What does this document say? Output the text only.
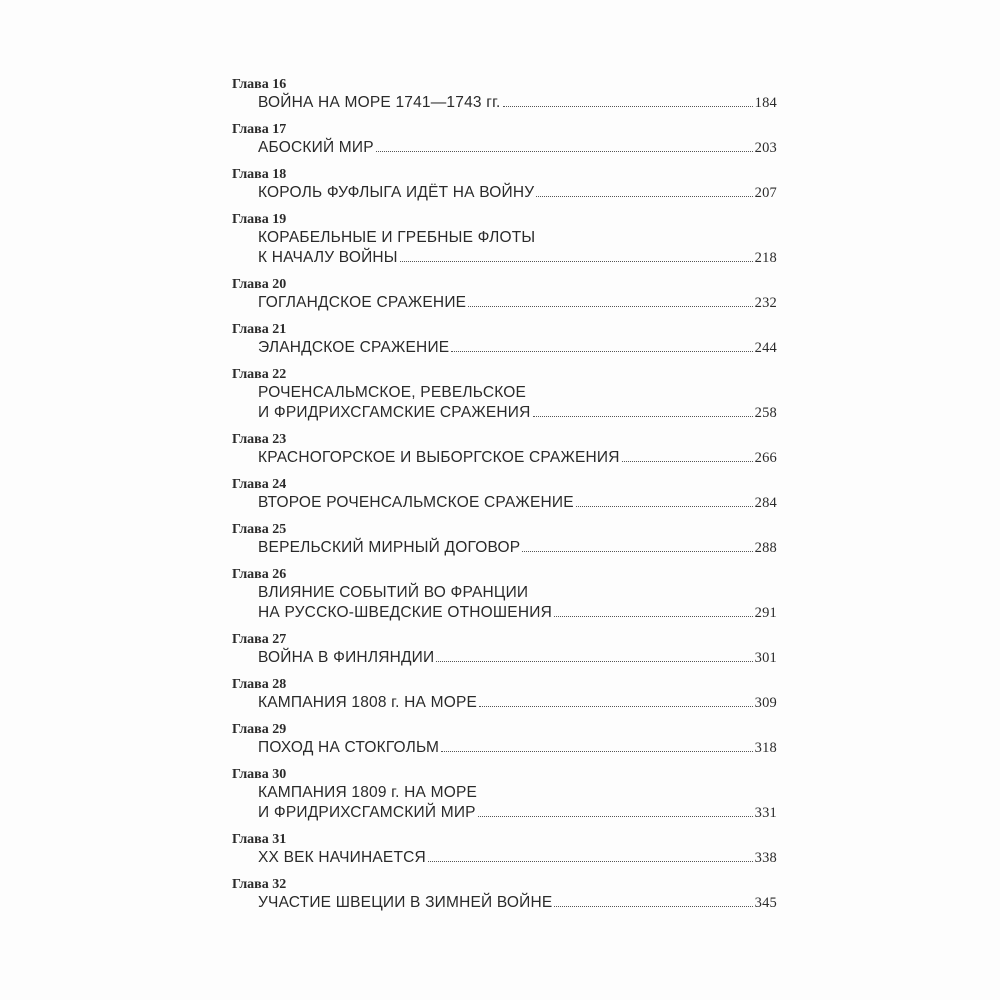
Глава 16
ВОЙНА НА МОРЕ 1741—1743 гг.	184
Глава 17
АБОСКИЙ МИР	203
Глава 18
КОРОЛЬ ФУФЛЫГА ИДЁТ НА ВОЙНУ	207
Глава 19
КОРАБЕЛЬНЫЕ И ГРЕБНЫЕ ФЛОТЫ
К НАЧАЛУ ВОЙНЫ	218
Глава 20
ГОГЛАНДСКОЕ СРАЖЕНИЕ	232
Глава 21
ЭЛАНДСКОЕ СРАЖЕНИЕ	244
Глава 22
РОЧЕНСАЛЬМСКОЕ, РЕВЕЛЬСКОЕ
И ФРИДРИХСГАМСКИЕ СРАЖЕНИЯ	258
Глава 23
КРАСНОГОРСКОЕ И ВЫБОРГСКОЕ СРАЖЕНИЯ	266
Глава 24
ВТОРОЕ РОЧЕНСАЛЬМСКОЕ СРАЖЕНИЕ	284
Глава 25
ВЕРЕЛЬСКИЙ МИРНЫЙ ДОГОВОР	288
Глава 26
ВЛИЯНИЕ СОБЫТИЙ ВО ФРАНЦИИ
НА РУССКО-ШВЕДСКИЕ ОТНОШЕНИЯ	291
Глава 27
ВОЙНА В ФИНЛЯНДИИ	301
Глава 28
КАМПАНИЯ 1808 г. НА МОРЕ	309
Глава 29
ПОХОД НА СТОКГОЛЬМ	318
Глава 30
КАМПАНИЯ 1809 г. НА МОРЕ
И ФРИДРИХСГАМСКИЙ МИР	331
Глава 31
XX ВЕК НАЧИНАЕТСЯ	338
Глава 32
УЧАСТИЕ ШВЕЦИИ В ЗИМНЕЙ ВОЙНЕ	345
